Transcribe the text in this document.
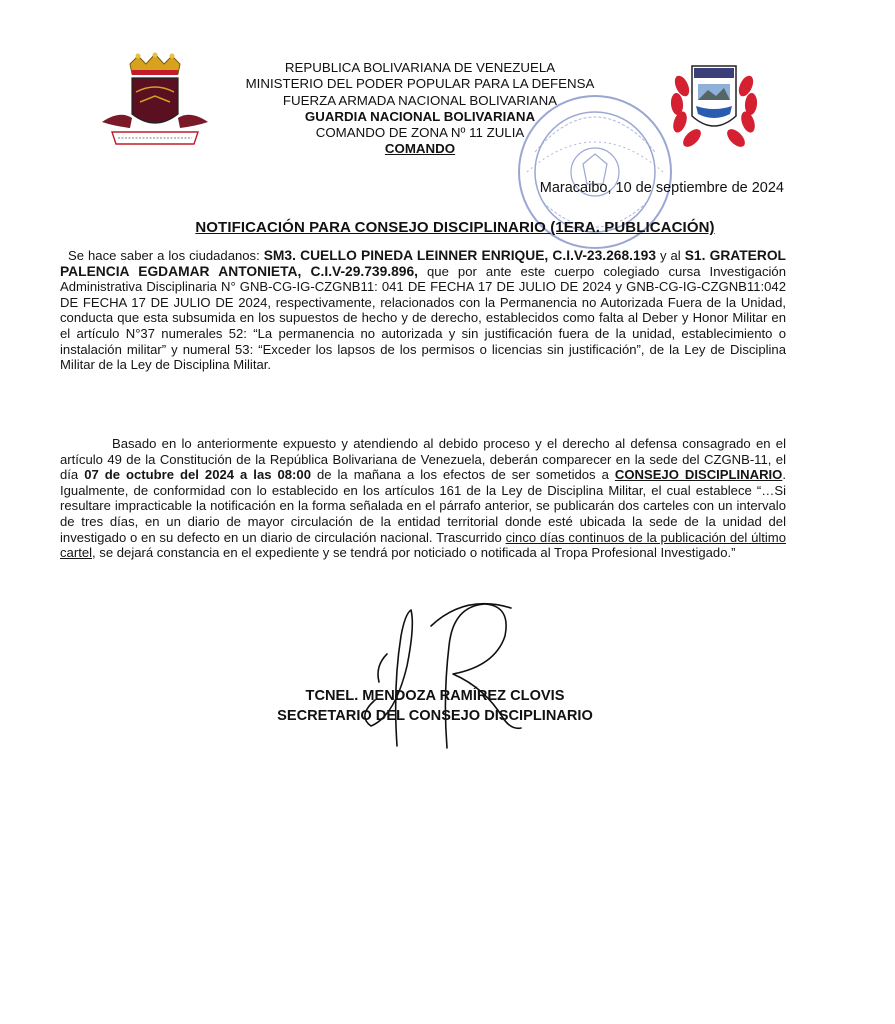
REPUBLICA BOLIVARIANA DE VENEZUELA
MINISTERIO DEL PODER POPULAR PARA LA DEFENSA
FUERZA ARMADA NACIONAL BOLIVARIANA
GUARDIA NACIONAL BOLIVARIANA
COMANDO DE ZONA Nº 11 ZULIA
COMANDO
Maracaibo, 10 de septiembre de 2024
NOTIFICACIÓN PARA CONSEJO DISCIPLINARIO (1ERA. PUBLICACIÓN)
Se hace saber a los ciudadanos: SM3. CUELLO PINEDA LEINNER ENRIQUE, C.I.V-23.268.193 y al S1. GRATEROL PALENCIA EGDAMAR ANTONIETA, C.I.V-29.739.896, que por ante este cuerpo colegiado cursa Investigación Administrativa Disciplinaria N° GNB-CG-IG-CZGNB11: 041 DE FECHA 17 DE JULIO DE 2024 y GNB-CG-IG-CZGNB11:042 DE FECHA 17 DE JULIO DE 2024, respectivamente, relacionados con la Permanencia no Autorizada Fuera de la Unidad, conducta que esta subsumida en los supuestos de hecho y de derecho, establecidos como falta al Deber y Honor Militar en el artículo N°37 numerales 52: “La permanencia no autorizada y sin justificación fuera de la unidad, establecimiento o instalación militar” y numeral 53: “Exceder los lapsos de los permisos o licencias sin justificación”, de la Ley de Disciplina Militar de la Ley de Disciplina Militar.
Basado en lo anteriormente expuesto y atendiendo al debido proceso y el derecho al defensa consagrado en el artículo 49 de la Constitución de la República Bolivariana de Venezuela, deberán comparecer en la sede del CZGNB-11, el día 07 de octubre del 2024 a las 08:00 de la mañana a los efectos de ser sometidos a CONSEJO DISCIPLINARIO. Igualmente, de conformidad con lo establecido en los artículos 161 de la Ley de Disciplina Militar, el cual establece “…Si resultare impracticable la notificación en la forma señalada en el párrafo anterior, se publicarán dos carteles con un intervalo de tres días, en un diario de mayor circulación de la entidad territorial donde esté ubicada la sede de la unidad del investigado o en su defecto en un diario de circulación nacional. Trascurrido cinco días continuos de la publicación del último cartel, se dejará constancia en el expediente y se tendrá por noticiado o notificada al Tropa Profesional Investigado.”
TCNEL. MENDOZA RAMÍREZ CLOVIS
SECRETARIO DEL CONSEJO DISCIPLINARIO
